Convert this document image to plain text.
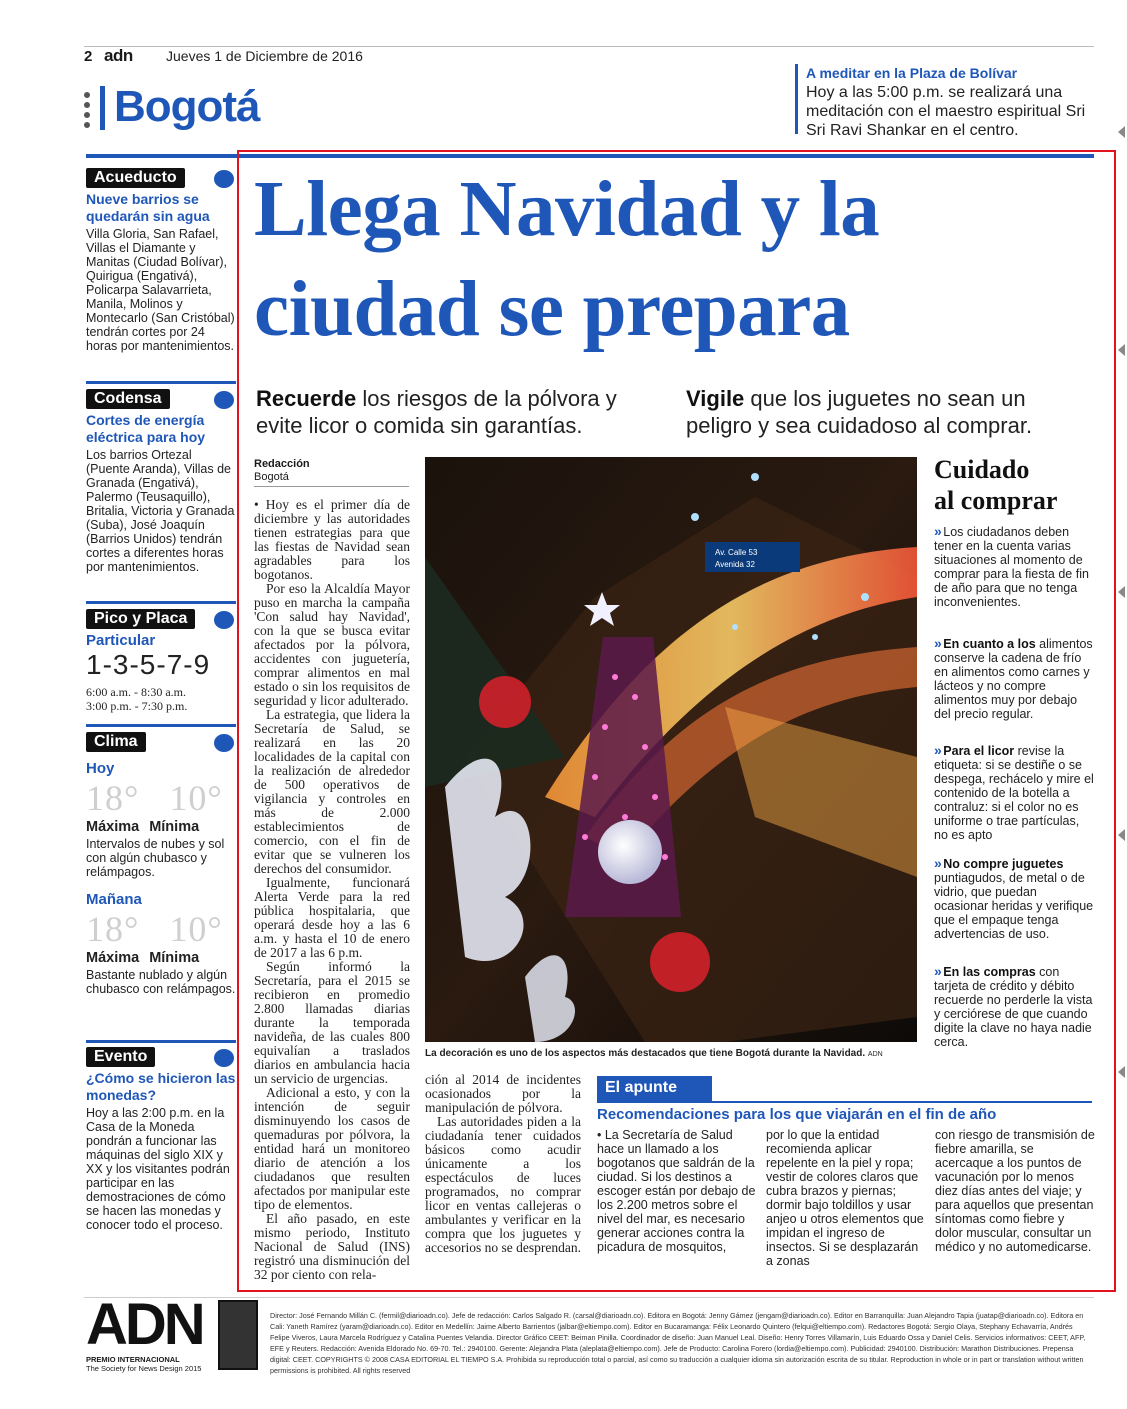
2 adn Jueves 1 de Diciembre de 2016
Bogotá
A meditar en la Plaza de Bolívar
Hoy a las 5:00 p.m. se realizará una meditación con el maestro espiritual Sri Sri Ravi Shankar en el centro.
Acueducto
Nueve barrios se quedarán sin agua
Villa Gloria, San Rafael, Villas el Diamante y Manitas (Ciudad Bolívar), Quirigua (Engativá), Policarpa Salavarrieta, Manila, Molinos y Montecarlo (San Cristóbal) tendrán cortes por 24 horas por mantenimientos.
Codensa
Cortes de energía eléctrica para hoy
Los barrios Ortezal (Puente Aranda), Villas de Granada (Engativá), Palermo (Teusaquillo), Britalia, Victoria y Granada (Suba), José Joaquín (Barrios Unidos) tendrán cortes a diferentes horas por mantenimientos.
Pico y Placa
Particular
1-3-5-7-9
6:00 a.m. - 8:30 a.m.
3:00 p.m. - 7:30 p.m.
Clima
Hoy
18° 10°
Máxima Mínima
Intervalos de nubes y sol con algún chubasco y relámpagos.
Mañana
18° 10°
Máxima Mínima
Bastante nublado y algún chubasco con relámpagos.
Evento
¿Cómo se hicieron las monedas?
Hoy a las 2:00 p.m. en la Casa de la Moneda pondrán a funcionar las máquinas del siglo XIX y XX y los visitantes podrán participar en las demostraciones de cómo se hacen las monedas y conocer todo el proceso.
Llega Navidad y la
ciudad se prepara
Recuerde los riesgos de la pólvora y evite licor o comida sin garantías.
Vigile que los juguetes no sean un peligro y sea cuidadoso al comprar.
Redacción
Bogotá

• Hoy es el primer día de diciembre y las autoridades tienen estrategias para que las fiestas de Navidad sean agradables para los bogotanos.

Por eso la Alcaldía Mayor puso en marcha la campaña 'Con salud hay Navidad', con la que se busca evitar afectados por la pólvora, accidentes con juguetería, comprar alimentos en mal estado o sin los requisitos de seguridad y licor adulterado.

La estrategia, que lidera la Secretaría de Salud, se realizará en las 20 localidades de la capital con la realización de alrededor de 500 operativos de vigilancia y controles en más de 2.000 establecimientos de comercio, con el fin de evitar que se vulneren los derechos del consumidor.

Igualmente, funcionará Alerta Verde para la red pública hospitalaria, que operará desde hoy a las 6 a.m. y hasta el 10 de enero de 2017 a las 6 p.m.

Según informó la Secretaría, para el 2015 se recibieron en promedio 2.800 llamadas diarias durante la temporada navideña, de las cuales 800 equivalían a traslados diarios en ambulancia hacia un servicio de urgencias.

Adicional a esto, y con la intención de seguir disminuyendo los casos de quemaduras por pólvora, la entidad hará un monitoreo diario de atención a los ciudadanos que resulten afectados por manipular este tipo de elementos.

El año pasado, en este mismo periodo, Instituto Nacional de Salud (INS) registró una disminución del 32 por ciento con rela-

Av. Calle 53
Avenida 32
La decoración es uno de los aspectos más destacados que tiene Bogotá durante la Navidad. ADN
Cuidado
al comprar
» Los ciudadanos deben tener en la cuenta varias situaciones al momento de comprar para la fiesta de fin de año para que no tenga inconvenientes.
» En cuanto a los alimentos conserve la cadena de frío en alimentos como carnes y lácteos y no compre alimentos muy por debajo del precio regular.
» Para el licor revise la etiqueta: si se destiñe o se despega, rechácelo y mire el contenido de la botella a contraluz: si el color no es uniforme o trae partículas, no es apto
» No compre juguetes puntiagudos, de metal o de vidrio, que puedan ocasionar heridas y verifique que el empaque tenga advertencias de uso.
» En las compras con tarjeta de crédito y débito recuerde no perderle la vista y cerciórese de que cuando digite la clave no haya nadie cerca.

ción al 2014 de incidentes ocasionados por la manipulación de pólvora.

Las autoridades piden a la ciudadanía tener cuidados básicos como acudir únicamente a los espectáculos de luces programados, no comprar licor en ventas callejeras o ambulantes y verificar en la compra que los juguetes y accesorios no se desprendan.

El apunte
Recomendaciones para los que viajarán en el fin de año
• La Secretaría de Salud hace un llamado a los bogotanos que saldrán de la ciudad. Si los destinos a escoger están por debajo de los 2.200 metros sobre el nivel del mar, es necesario generar acciones contra la picadura de mosquitos,
por lo que la entidad recomienda aplicar repelente en la piel y ropa; vestir de colores claros que cubra brazos y piernas; dormir bajo toldillos y usar anjeo u otros elementos que impidan el ingreso de insectos. Si se desplazarán a zonas
con riesgo de transmisión de fiebre amarilla, se acercaque a los puntos de vacunación por lo menos diez días antes del viaje; y para aquellos que presentan síntomas como fiebre y dolor muscular, consultar un médico y no automedicarse.
ADN
PREMIO INTERNACIONAL
The Society for News Design 2015
Director: José Fernando Millán C. (fermil@diarioadn.co). Jefe de redacción: Carlos Salgado R. (carsal@diarioadn.co). Editora en Bogotá: Jenny Gámez (jengam@diarioadn.co). Editor en Barranquilla: Juan Alejandro Tapia (juatap@diarioadn.co). Editora en Cali: Yaneth Ramírez (yaram@diarioadn.co). Editor en Medellín: Jaime Alberto Barrientos (jalbar@eltiempo.com). Editor en Bucaramanga: Félix Leonardo Quintero (felqui@eltiempo.com). Redactores Bogotá: Sergio Olaya, Stephany Echavarría, Andrés Felipe Viveros, Laura Marcela Rodríguez y Catalina Puentes Velandia. Director Gráfico CEET: Beiman Pinilla. Coordinador de diseño: Juan Manuel Leal. Diseño: Henry Torres Villamarín, Luis Eduardo Ossa y Daniel Celis. Servicios informativos: CEET, AFP, EFE y Reuters. Redacción: Avenida Eldorado No. 69-70. Tel.: 2940100. Gerente: Alejandra Plata (aleplata@eltiempo.com). Jefe de Producto: Carolina Forero (lordia@eltiempo.com). Publicidad: 2940100. Distribución: Marathon Distribuciones. Prepensa digital: CEET. COPYRIGHTS © 2008 CASA EDITORIAL EL TIEMPO S.A. Prohibida su reproducción total o parcial, así como su traducción a cualquier idioma sin autorización escrita de su titular. Reproduction in whole or in part or translation without written permissions is prohibited. All rights reserved
